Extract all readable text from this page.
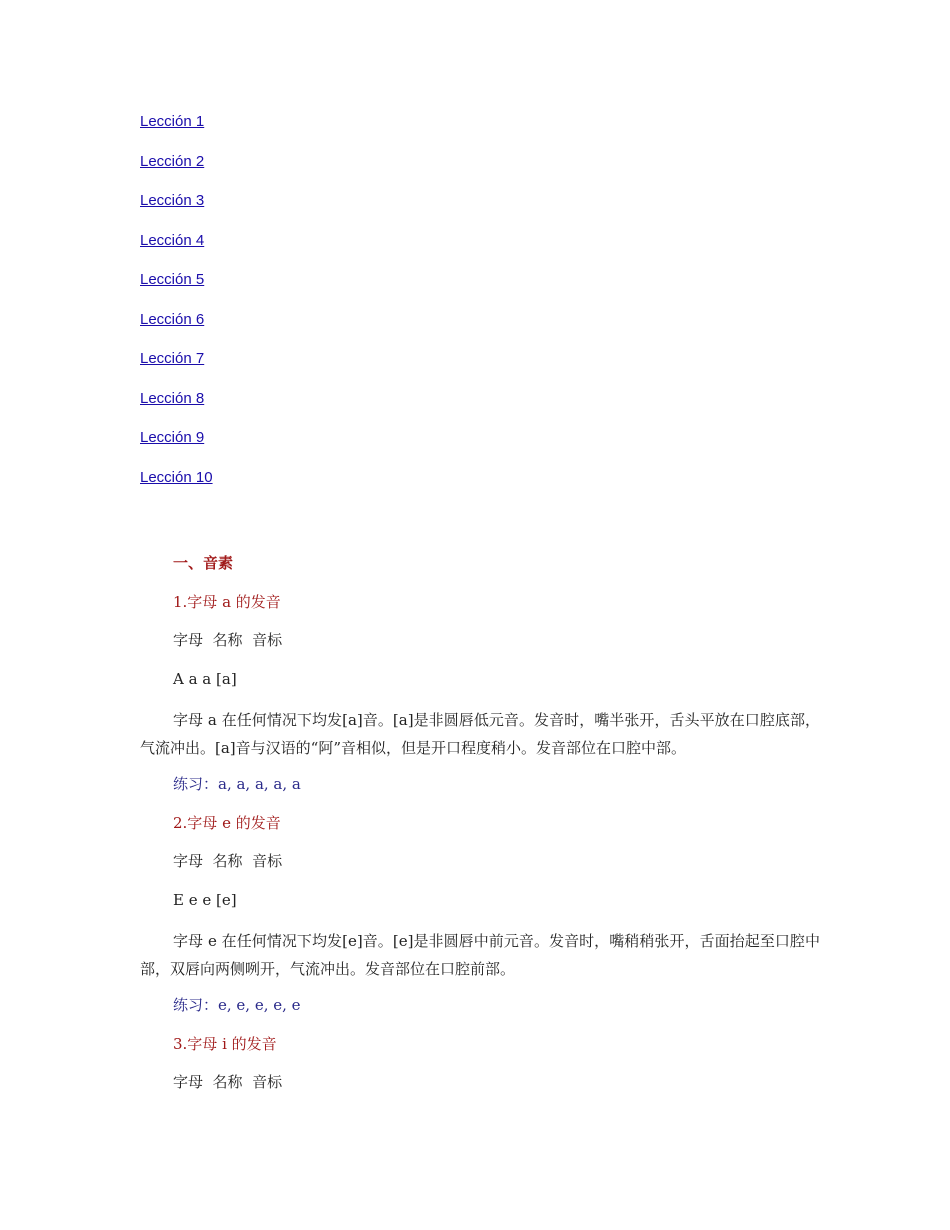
Lección 1
Lección 2
Lección 3
Lección 4
Lección 5
Lección 6
Lección 7
Lección 8
Lección 9
Lección 10
一、音素
1.字母 a 的发音
字母  名称  音标
A a a [a]
字母 a 在任何情况下均发[a]音。[a]是非圆唇低元音。发音时，嘴半张开，舌头平放在口腔底部，气流冲出。[a]音与汉语的“阿”音相似，但是开口程度稍小。发音部位在口腔中部。
练习：a, a, a, a, a
2.字母 e 的发音
字母  名称  音标
E e e [e]
字母 e 在任何情况下均发[e]音。[e]是非圆唇中前元音。发音时，嘴稍稍张开，舌面抬起至口腔中部，双唇向两侧咧开，气流冲出。发音部位在口腔前部。
练习：e, e, e, e, e
3.字母 i 的发音
字母  名称  音标
